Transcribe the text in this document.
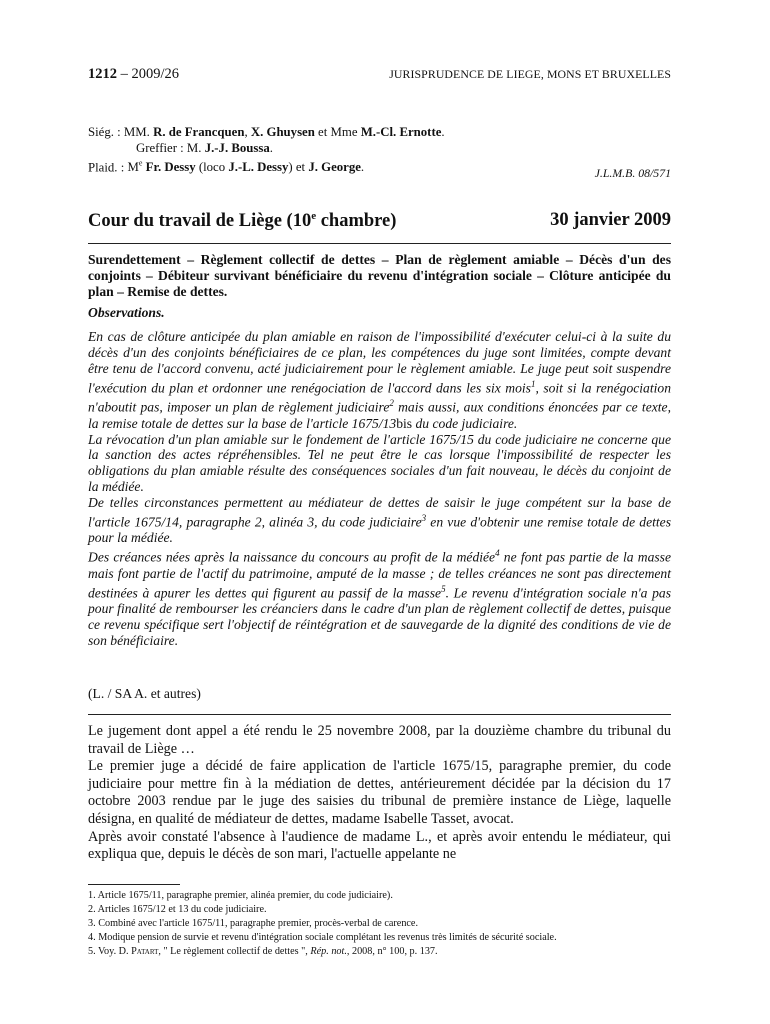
1212 – 2009/26	JURISPRUDENCE DE LIEGE, MONS ET BRUXELLES
Siég. : MM. R. de Francquen, X. Ghuysen et Mme M.-Cl. Ernotte.
Greffier : M. J.-J. Boussa.
Plaid. : Me Fr. Dessy (loco J.-L. Dessy) et J. George.	J.L.M.B. 08/571
Cour du travail de Liège (10e chambre)	30 janvier 2009
Surendettement – Règlement collectif de dettes – Plan de règlement amiable – Décès d'un des conjoints – Débiteur survivant bénéficiaire du revenu d'intégration sociale – Clôture anticipée du plan – Remise de dettes.
Observations.

En cas de clôture anticipée du plan amiable en raison de l'impossibilité d'exécuter celui-ci à la suite du décès d'un des conjoints bénéficiaires de ce plan, les compétences du juge sont limitées, compte devant être tenu de l'accord convenu, acté judiciairement pour le règlement amiable. Le juge peut soit suspendre l'exécution du plan et ordonner une renégociation de l'accord dans les six mois$^1$, soit si la renégociation n'aboutit pas, imposer un plan de règlement judiciaire$^2$ mais aussi, aux conditions énoncées par ce texte, la remise totale de dettes sur la base de l'article 1675/13bis du code judiciaire.

La révocation d'un plan amiable sur le fondement de l'article 1675/15 du code judiciaire ne concerne que la sanction des actes répréhensibles. Tel ne peut être le cas lorsque l'impossibilité de respecter les obligations du plan amiable résulte des conséquences sociales d'un fait nouveau, le décès du conjoint de la médiée.

De telles circonstances permettent au médiateur de dettes de saisir le juge compétent sur la base de l'article 1675/14, paragraphe 2, alinéa 3, du code judiciaire$^3$ en vue d'obtenir une remise totale de dettes pour la médiée.

Des créances nées après la naissance du concours au profit de la médiée$^4$ ne font pas partie de la masse mais font partie de l'actif du patrimoine, amputé de la masse ; de telles créances ne sont pas directement destinées à apurer les dettes qui figurent au passif de la masse$^5$. Le revenu d'intégration sociale n'a pas pour finalité de rembourser les créanciers dans le cadre d'un plan de règlement collectif de dettes, puisque ce revenu spécifique sert l'objectif de réintégration et de sauvegarde de la dignité des conditions de vie de son bénéficiaire.

(L. / SA A. et autres)

Le jugement dont appel a été rendu le 25 novembre 2008, par la douzième chambre du tribunal du travail de Liège …

Le premier juge a décidé de faire application de l'article 1675/15, paragraphe premier, du code judiciaire pour mettre fin à la médiation de dettes, antérieurement décidée par la décision du 17 octobre 2003 rendue par le juge des saisies du tribunal de première instance de Liège, laquelle désigna, en qualité de médiateur de dettes, madame Isabelle Tasset, avocat.

Après avoir constaté l'absence à l'audience de madame L., et après avoir entendu le médiateur, qui expliqua que, depuis le décès de son mari, l'actuelle appelante ne

1. Article 1675/11, paragraphe premier, alinéa premier, du code judiciaire).
2. Articles 1675/12 et 13 du code judiciaire.
3. Combiné avec l'article 1675/11, paragraphe premier, procès-verbal de carence.
4. Modique pension de survie et revenu d'intégration sociale complétant les revenus très limités de sécurité sociale.
5. Voy. D. Patart, " Le règlement collectif de dettes ", Rép. not., 2008, n° 100, p. 137.
